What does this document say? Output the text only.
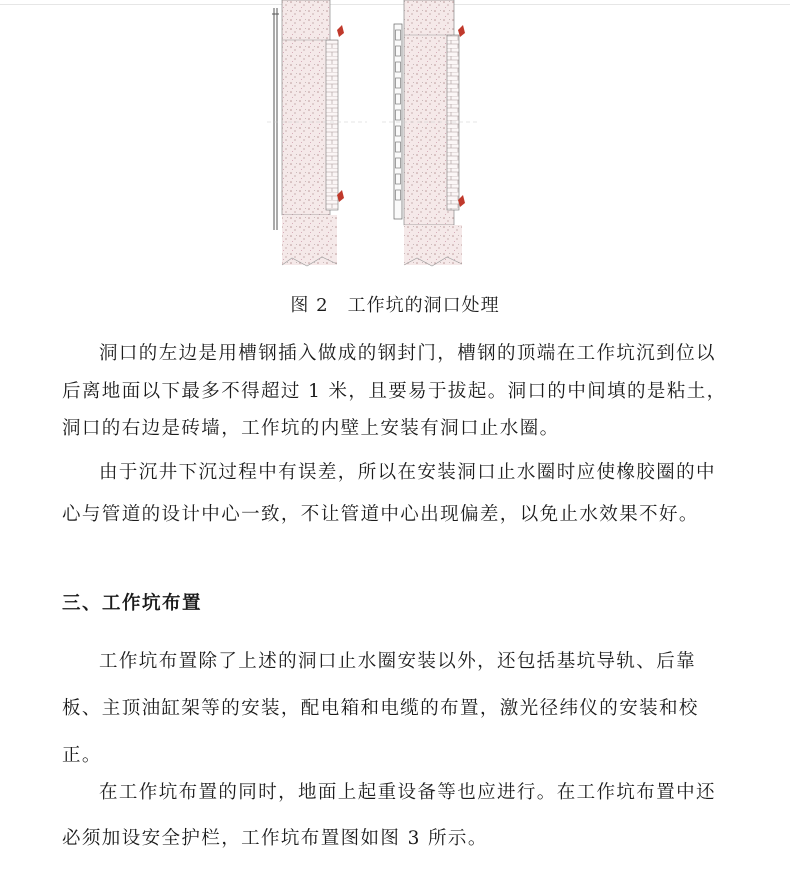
图 2　工作坑的洞口处理

洞口的左边是用槽钢插入做成的钢封门，槽钢的顶端在工作坑沉到位以后离地面以下最多不得超过 1 米，且要易于拔起。洞口的中间填的是粘土，洞口的右边是砖墙，工作坑的内壁上安装有洞口止水圈。

由于沉井下沉过程中有误差，所以在安装洞口止水圈时应使橡胶圈的中心与管道的设计中心一致，不让管道中心出现偏差，以免止水效果不好。

三、工作坑布置

工作坑布置除了上述的洞口止水圈安装以外，还包括基坑导轨、后靠板、主顶油缸架等的安装，配电箱和电缆的布置，激光径纬仪的安装和校正。

在工作坑布置的同时，地面上起重设备等也应进行。在工作坑布置中还必须加设安全护栏，工作坑布置图如图 3 所示。
